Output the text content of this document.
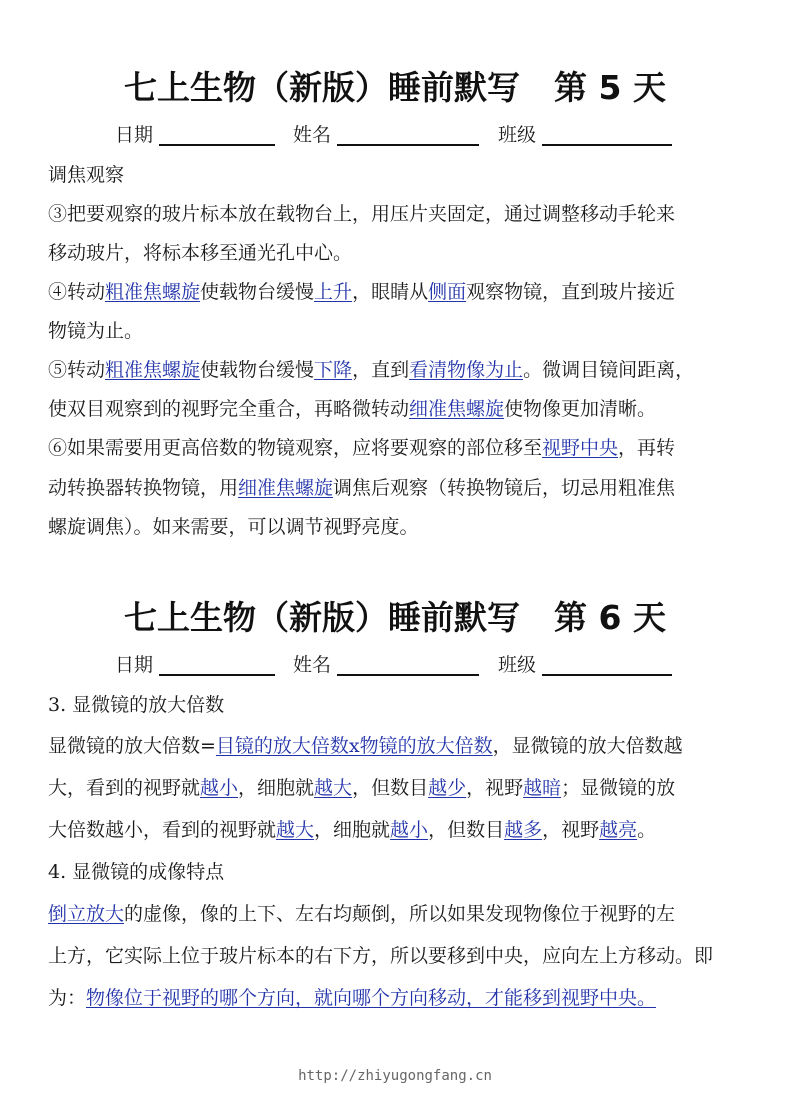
七上生物（新版）睡前默写 第 5 天
日期	姓名	班级
调焦观察
③把要观察的玻片标本放在载物台上，用压片夹固定，通过调整移动手轮来
移动玻片，将标本移至通光孔中心。
④转动粗准焦螺旋使载物台缓慢上升，眼睛从侧面观察物镜，直到玻片接近
物镜为止。
⑤转动粗准焦螺旋使载物台缓慢下降，直到看清物像为止。微调目镜间距离，
使双目观察到的视野完全重合，再略微转动细准焦螺旋使物像更加清晰。
⑥如果需要用更高倍数的物镜观察，应将要观察的部位移至视野中央，再转
动转换器转换物镜，用细准焦螺旋调焦后观察（转换物镜后，切忌用粗准焦
螺旋调焦）。如来需要，可以调节视野亮度。
七上生物（新版）睡前默写 第 6 天
日期	姓名	班级
3. 显微镜的放大倍数
显微镜的放大倍数=目镜的放大倍数x物镜的放大倍数，显微镜的放大倍数越
大，看到的视野就越小，细胞就越大，但数目越少，视野越暗；显微镜的放
大倍数越小，看到的视野就越大，细胞就越小，但数目越多，视野越亮。
4. 显微镜的成像特点
倒立放大的虚像，像的上下、左右均颠倒，所以如果发现物像位于视野的左
上方，它实际上位于玻片标本的右下方，所以要移到中央，应向左上方移动。即
为：物像位于视野的哪个方向，就向哪个方向移动，才能移到视野中央。
http://zhiyugongfang.cn
